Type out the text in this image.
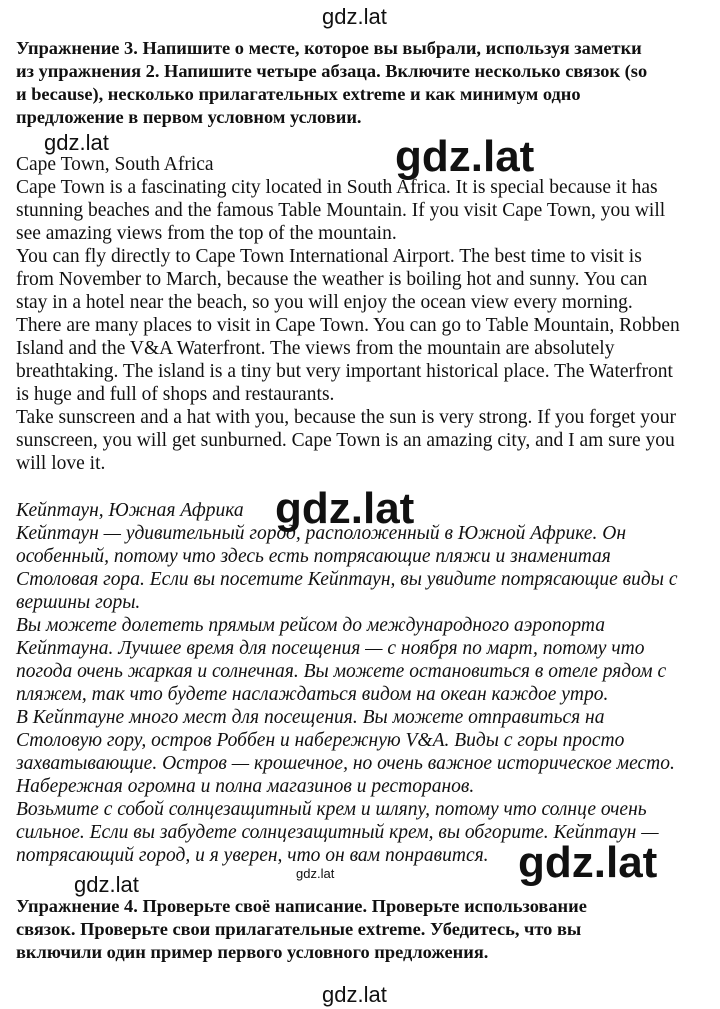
gdz.lat
gdz.lat	gdz.lat
gdz.lat
gdz.lat
gdz.lat	gdz.lat
gdz.lat
Упражнение 3. Напишите о месте, которое вы выбрали, используя заметки
из упражнения 2. Напишите четыре абзаца. Включите несколько связок (so
и because), несколько прилагательных extreme и как минимум одно
предложение в первом условном условии.
Cape Town, South Africa
Cape Town is a fascinating city located in South Africa. It is special because it has
stunning beaches and the famous Table Mountain. If you visit Cape Town, you will
see amazing views from the top of the mountain.
You can fly directly to Cape Town International Airport. The best time to visit is
from November to March, because the weather is boiling hot and sunny. You can
stay in a hotel near the beach, so you will enjoy the ocean view every morning.
There are many places to visit in Cape Town. You can go to Table Mountain, Robben
Island and the V&A Waterfront. The views from the mountain are absolutely
breathtaking. The island is a tiny but very important historical place. The Waterfront
is huge and full of shops and restaurants.
Take sunscreen and a hat with you, because the sun is very strong. If you forget your
sunscreen, you will get sunburned. Cape Town is an amazing city, and I am sure you
will love it.
Кейптаун, Южная Африка
Кейптаун — удивительный город, расположенный в Южной Африке. Он
особенный, потому что здесь есть потрясающие пляжи и знаменитая
Столовая гора. Если вы посетите Кейптаун, вы увидите потрясающие виды с
вершины горы.
Вы можете долететь прямым рейсом до международного аэропорта
Кейптауна. Лучшее время для посещения — с ноября по март, потому что
погода очень жаркая и солнечная. Вы можете остановиться в отеле рядом с
пляжем, так что будете наслаждаться видом на океан каждое утро.
В Кейптауне много мест для посещения. Вы можете отправиться на
Столовую гору, остров Роббен и набережную V&A. Виды с горы просто
захватывающие. Остров — крошечное, но очень важное историческое место.
Набережная огромна и полна магазинов и ресторанов.
Возьмите с собой солнцезащитный крем и шляпу, потому что солнце очень
сильное. Если вы забудете солнцезащитный крем, вы обгорите. Кейптаун —
потрясающий город, и я уверен, что он вам понравится.
Упражнение 4. Проверьте своё написание. Проверьте использование
связок. Проверьте свои прилагательные extreme. Убедитесь, что вы
включили один пример первого условного предложения.
